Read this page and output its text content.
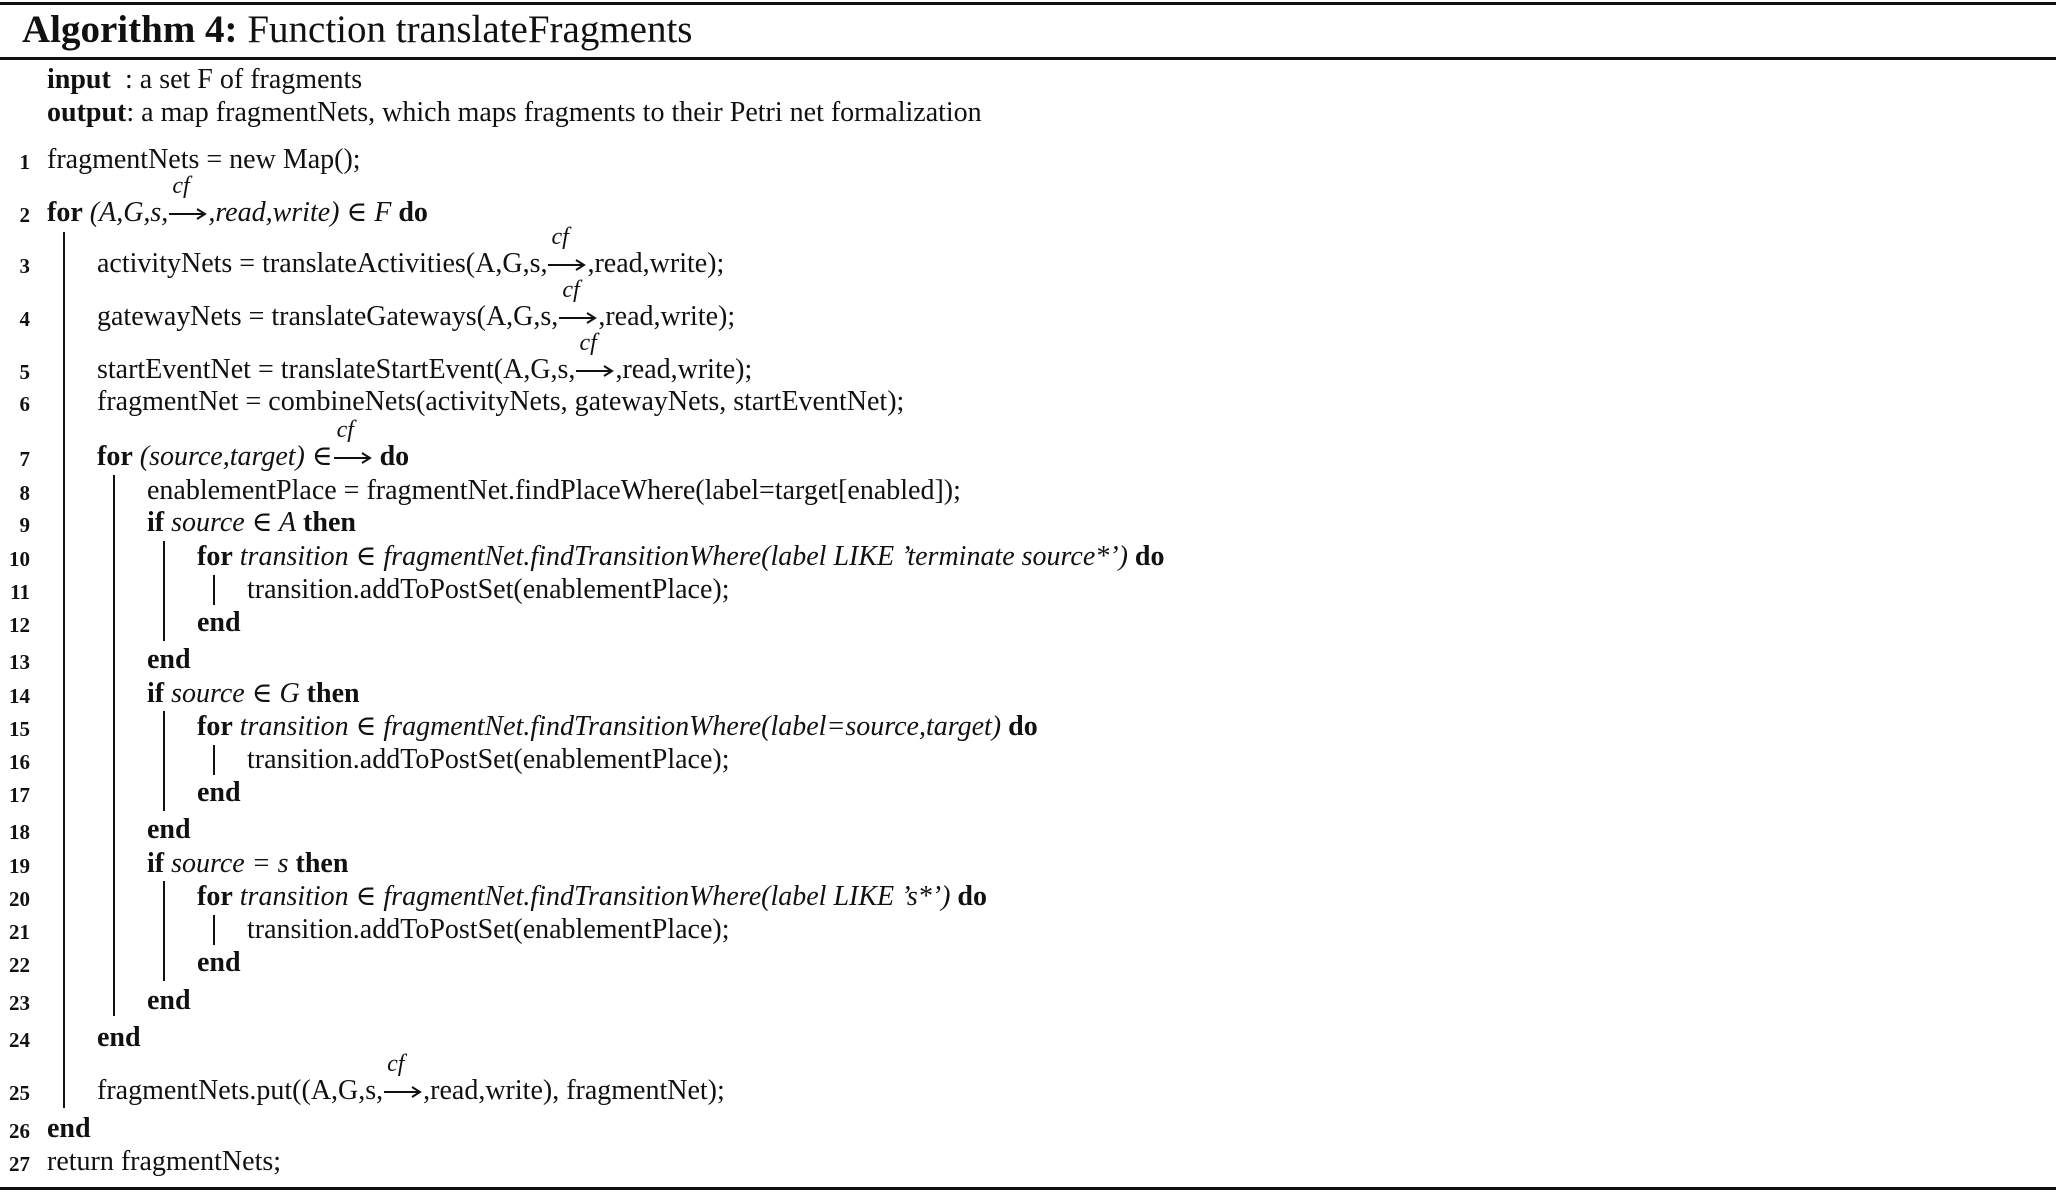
Algorithm 4: Function translateFragments
input : a set F of fragments
output: a map fragmentNets, which maps fragments to their Petri net formalization
1 fragmentNets = new Map();
2 for (A,G,s,
cf
,read,write) ∈ F do
3 activityNets = translateActivities(A,G,s,
cf
,read,write);
4 gatewayNets = translateGateways(A,G,s,
cf
,read,write);
5 startEventNet = translateStartEvent(A,G,s,
cf
,read,write);
6 fragmentNet = combineNets(activityNets, gatewayNets, startEventNet);
7 for (source,target) ∈
cf
do
8	enablementPlace = fragmentNet.findPlaceWhere(label=target[enabled]);
9	if source ∈ A then
10	for transition ∈ fragmentNet.findTransitionWhere(label LIKE ’terminate source*’) do
11	transition.addToPostSet(enablementPlace);
12	end
13	end
14	if source ∈ G then
15	for transition ∈ fragmentNet.findTransitionWhere(label=source,target) do
16	transition.addToPostSet(enablementPlace);
17	end
18	end
19	if source = s then
20	for transition ∈ fragmentNet.findTransitionWhere(label LIKE ’s*’) do
21	transition.addToPostSet(enablementPlace);
22	end
23	end
24 end
25 fragmentNets.put((A,G,s,
cf
,read,write), fragmentNet);
26 end
27 return fragmentNets;
